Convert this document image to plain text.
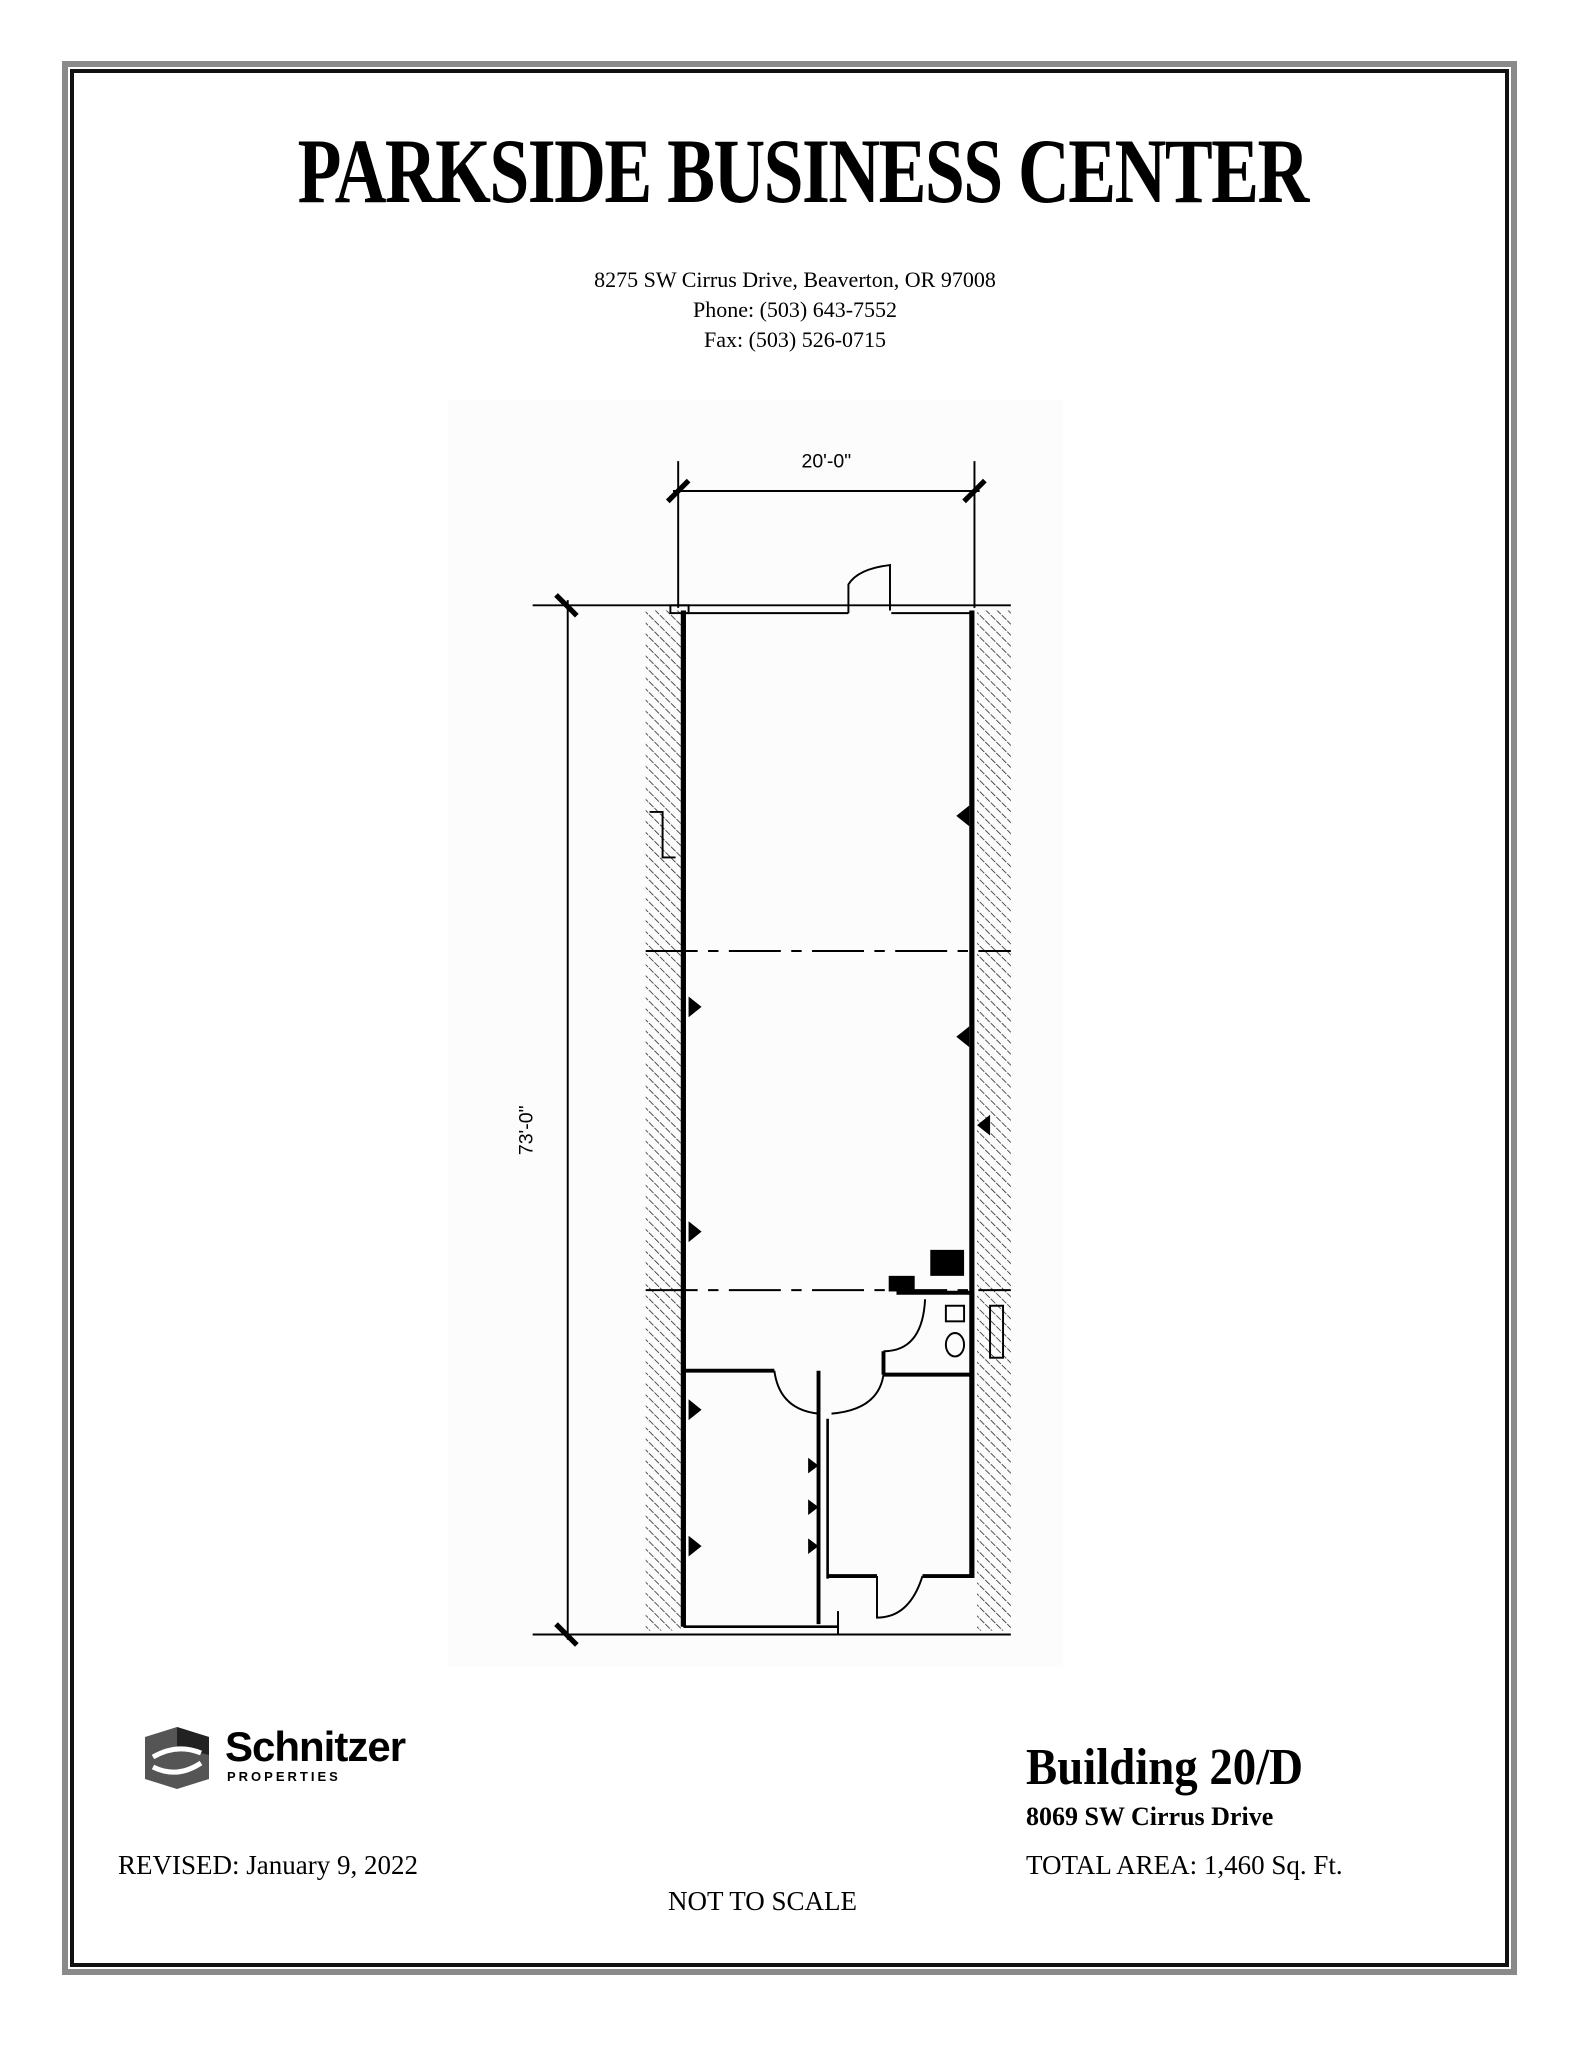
PARKSIDE BUSINESS CENTER
8275 SW Cirrus Drive, Beaverton, OR 97008
Phone: (503) 643-7552
Fax: (503) 526-0715
20'-0"
73'-0"
Schnitzer
PROPERTIES	Building 20/D
8069 SW Cirrus Drive
REVISED: January 9, 2022	TOTAL AREA: 1,460 Sq. Ft.
NOT TO SCALE
